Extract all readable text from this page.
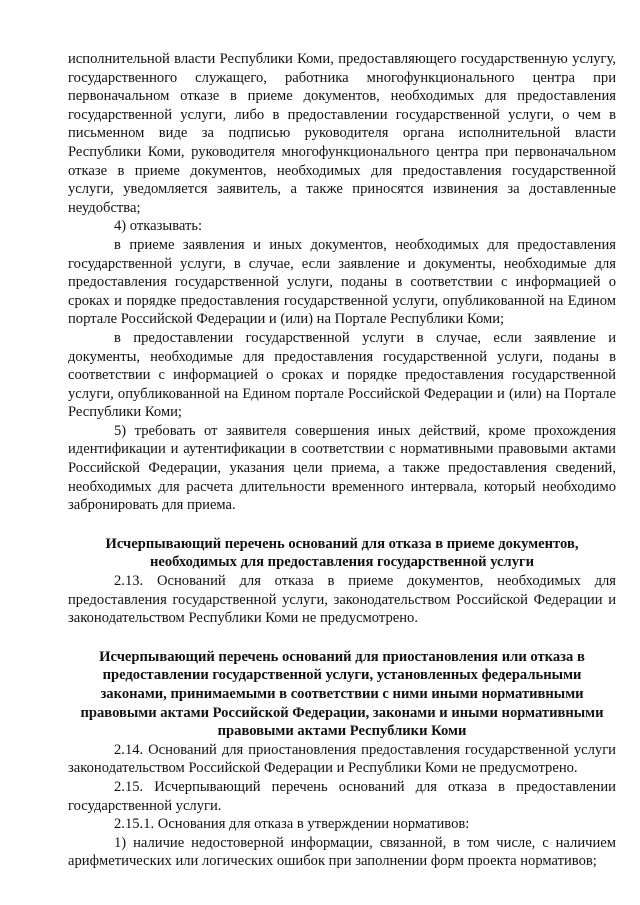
исполнительной власти Республики Коми, предоставляющего государственную услугу, государственного служащего, работника многофункционального центра при первоначальном отказе в приеме документов, необходимых для предоставления государственной услуги, либо в предоставлении государственной услуги, о чем в письменном виде за подписью руководителя органа исполнительной власти Республики Коми, руководителя многофункционального центра при первоначальном отказе в приеме документов, необходимых для предоставления государственной услуги, уведомляется заявитель, а также приносятся извинения за доставленные неудобства;

4) отказывать:

в приеме заявления и иных документов, необходимых для предоставления государственной услуги, в случае, если заявление и документы, необходимые для предоставления государственной услуги, поданы в соответствии с информацией о сроках и порядке предоставления государственной услуги, опубликованной на Едином портале Российской Федерации и (или) на Портале Республики Коми;

в предоставлении государственной услуги в случае, если заявление и документы, необходимые для предоставления государственной услуги, поданы в соответствии с информацией о сроках и порядке предоставления государственной услуги, опубликованной на Едином портале Российской Федерации и (или) на Портале Республики Коми;

5) требовать от заявителя совершения иных действий, кроме прохождения идентификации и аутентификации в соответствии с нормативными правовыми актами Российской Федерации, указания цели приема, а также предоставления сведений, необходимых для расчета длительности временного интервала, который необходимо забронировать для приема.

Исчерпывающий перечень оснований для отказа в приеме документов, необходимых для предоставления государственной услуги

2.13. Оснований для отказа в приеме документов, необходимых для предоставления государственной услуги, законодательством Российской Федерации и законодательством Республики Коми не предусмотрено.

Исчерпывающий перечень оснований для приостановления или отказа в предоставлении государственной услуги, установленных федеральными законами, принимаемыми в соответствии с ними иными нормативными правовыми актами Российской Федерации, законами и иными нормативными правовыми актами Республики Коми

2.14. Оснований для приостановления предоставления государственной услуги законодательством Российской Федерации и Республики Коми не предусмотрено.

2.15. Исчерпывающий перечень оснований для отказа в предоставлении государственной услуги.

2.15.1. Основания для отказа в утверждении нормативов:

1) наличие недостоверной информации, связанной, в том числе, с наличием арифметических или логических ошибок при заполнении форм проекта нормативов;
